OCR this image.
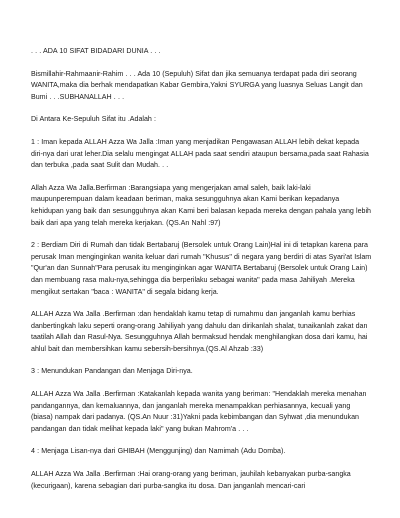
. . . ADA 10 SIFAT BIDADARI DUNIA . . .

Bismillahir-Rahmaanir-Rahim . . . Ada 10 (Sepuluh) Sifat dan jika semuanya terdapat pada diri seorang WANITA,maka dia berhak mendapatkan Kabar Gembira,Yakni SYURGA yang luasnya Seluas Langit dan Bumi . . .SUBHANALLAH . . .

Di Antara Ke-Sepuluh Sifat itu .Adalah :

1 : Iman kepada ALLAH Azza Wa Jalla :Iman yang menjadikan Pengawasan ALLAH lebih dekat kepada diri-nya dari urat leher.Dia selalu mengingat ALLAH pada saat sendiri ataupun bersama,pada saat Rahasia dan terbuka ,pada saat Sulit dan Mudah. . .

Allah Azza Wa Jalla.Berfirman :Barangsiapa yang mengerjakan amal saleh, baik laki-laki maupunperempuan dalam keadaan beriman, maka sesungguhnya akan Kami berikan kepadanya kehidupan yang baik dan sesungguhnya akan Kami beri balasan kepada mereka dengan pahala yang lebih baik dari apa yang telah mereka kerjakan. (QS.An Nahl :97)

2 : Berdiam Diri di Rumah dan tidak Bertabaruj (Bersolek untuk Orang Lain)Hal ini di tetapkan karena para perusak Iman menginginkan wanita keluar dari rumah "Khusus" di negara yang berdiri di atas Syari'at Islam "Qur'an dan Sunnah"Para perusak itu menginginkan agar WANITA Bertabaruj (Bersolek untuk Orang Lain) dan membuang rasa malu-nya,sehingga dia berperilaku sebagai wanita" pada masa Jahiliyah .Mereka mengikut sertakan "baca : WANITA" di segala bidang kerja.

ALLAH Azza Wa Jalla .Berfirman :dan hendaklah kamu tetap di rumahmu dan janganlah kamu berhias danbertingkah laku seperti orang-orang Jahiliyah yang dahulu dan dirikanlah shalat, tunaikanlah zakat dan taatilah Allah dan Rasul-Nya. Sesungguhnya Allah bermaksud hendak menghilangkan dosa dari kamu, hai ahlul bait dan membersihkan kamu sebersih-bersihnya.(QS.Al Ahzab :33)

3 : Menundukan Pandangan dan Menjaga Diri-nya.

ALLAH Azza Wa Jalla .Berfirman :Katakanlah kepada wanita yang beriman: "Hendaklah mereka menahan pandangannya, dan kemaluannya, dan janganlah mereka menampakkan perhiasannya, kecuali yang (biasa) nampak dari padanya. (QS.An Nuur :31)Yakni pada kebimbangan dan Syhwat ,dia menundukan pandangan dan tidak melihat kepada laki" yang bukan Mahrom'a . . .

4 : Menjaga Lisan-nya dari GHIBAH (Menggunjing) dan Namimah (Adu Domba).

ALLAH Azza Wa Jalla .Berfirman :Hai orang-orang yang beriman, jauhilah kebanyakan purba-sangka (kecurigaan), karena sebagian dari purba-sangka itu dosa. Dan janganlah mencari-cari
